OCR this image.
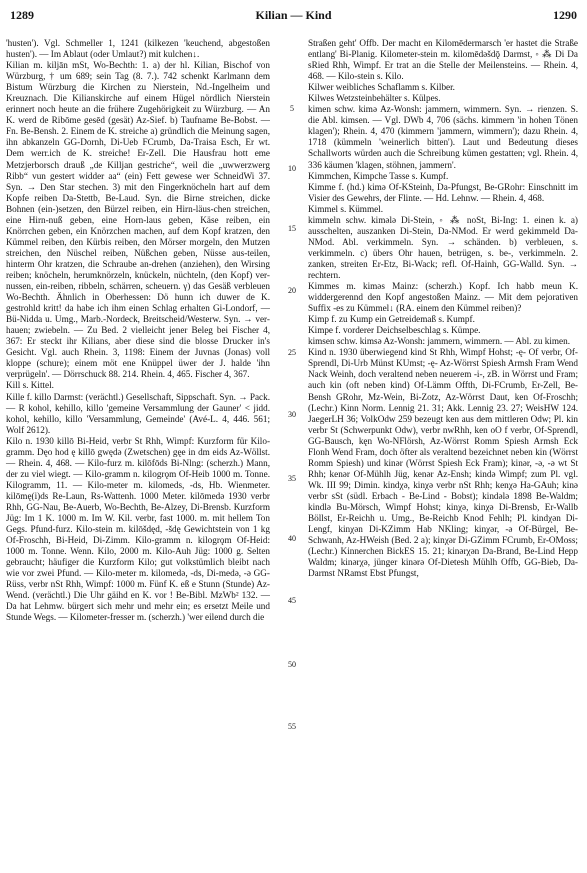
1289	Kilian — Kind	1290

'husten'). Vgl. Schmeller 1, 1241 (kilkezen 'keuchend, abgestoßen husten'). — Im Ablaut (oder Umlaut?) mit kulchen↓.

Kilian m. kiljān mSt, Wo-Bechth: 1. a) der hl. Kilian, Bischof von Würzburg, † um 689; sein Tag (8. 7.). 742 schenkt Karlmann dem Bistum Würzburg die Kirchen zu Nierstein, Nd.-Ingelheim und Kreuznach. Die Kilianskirche auf einem Hügel nördlich Nierstein erinnert noch heute an die frühere Zugehörigkeit zu Würzburg. — An K. werd de Ribōme gesēd (gesät) Az-Sief. b) Taufname Be-Bobst. — Fn. Be-Bensh. 2. Einem de K. streiche a) gründlich die Meinung sagen, ihn abkanzeln GG-Dornh, Di-Ueb FCrumb, Da-Traisa Esch, Er wt. Dem werr.ich de K. streiche! Er-Zell. Die Hausfrau hott eme Metzjerborsch drauß „de Killjan gestriche“, weil die „uwwerzwerg Ribb“ vun gestert widder aa“ (ein) Fett gewese wer SchneidWi 37. Syn. → Den Star stechen. 3) mit den Fingerknöcheln hart auf dem Kopfe reiben Da-Stettb, Be-Laud. Syn. die Birne streichen, dicke Bohnen (ein-)setzen, den Bürzel reiben, ein Hirn-läus-chen streichen, eine Hirn-nuß geben, eine Horn-laus geben, Käse reiben, ein Knörrchen geben, ein Knörzchen machen, auf dem Kopf kratzen, den Kümmel reiben, den Kürbis reiben, den Mörser morgeln, den Mutzen streichen, den Nüschel reiben, Nüßchen geben, Nüsse aus-teilen, hinterm Ohr kratzen, die Schraube an-drehen (anziehen), den Wirsing reiben; knöcheln, herumknörzeln, knückeln, nüchteln, (den Kopf) ver-nussen, ein-reiben, ribbeln, schärren, scheuern. γ) das Gesäß verbleuen Wo-Bechth. Ähnlich in Oberhessen: Dö hunn ich duwer de K. gestrohld kritt! da habe ich ihm einen Schlag erhalten Gi-Londorf, — Bü-Nidda u. Umg., Marb.-Nordeck, Breitscheid/Westerw. Syn. → ver-hauen; zwiebeln. — Zu Bed. 2 vielleicht jener Beleg bei Fischer 4, 367: Er steckt ihr Kilians, aber diese sind die blosse Drucker in's Gesicht. Vgl. auch Rhein. 3, 1198: Einem der Juvnas (Jonas) voll kloppe (schure); einem möt ene Knüppel üwer der J. halde 'ihn verprügeln'. — Dörrschuck 88. 214. Rhein. 4, 465. Fischer 4, 367.

Kill s. Kittel.

Kille f. killo Darmst: (verächtl.) Gesellschaft, Sippschaft. Syn. → Pack. — R kohol, kehillo, killo 'gemeine Versammlung der Gauner' < jidd. kohol, kehillo, killo 'Versammlung, Gemeinde' (Avé-L. 4, 446. 561; Wolf 2612).

Kilo n. 1930 killō Bi-Heid, verbr St Rhh, Wimpf: Kurzform für Kilo-gramm. Dęo hod ę killō gwędǝ (Zwetschen) gęe in dm eids Az-Wöllst. — Rhein. 4, 468. — Kilo-furz m. kilōfōds Bi-Nlng: (scherzh.) Mann, der zu viel wiegt. — Kilo-gramm n. kilogrǫm Of-Heib 1000 m. Tonne. Kilogramm, 11. — Kilo-meter m. kilomeds, -ds, Hb. Wienmeter. kilōmę(i)ds Re-Laun, Rs-Wattenh. 1000 Meter. kilōmedǝ 1930 verbr Rhh, GG-Nau, Be-Auerb, Wo-Bechth, Be-Alzey, Di-Brensb. Kurzform Jüg: Im 1 K. 1000 m. Im W. Kil. verbr, fast 1000. m. mit hellem Ton Gegs. Pfund-furz. Kilo-stein m. kilōšdęd, -šdę Gewichtstein von 1 kg Of-Froschh, Bi-Heid, Di-Zimm. Kilo-gramm n. kilogrǫm Of-Heid: 1000 m. Tonne. Wenn. Kilo, 2000 m. Kilo-Auh Jüg: 1000 g. Selten gebraucht; häufiger die Kurzform Kilo; gut volkstümlich bleibt nach wie vor zwei Pfund. — Kilo-meter m. kilomedǝ, -ds, Di-medǝ, -ǝ GG-Rüss, verbr nSt Rhh, Wimpf: 1000 m. Fünf K. eß e Stunn (Stunde) Az-Wend. (verächtl.) Die Uhr gäihd en K. vor ! Be-Bibl. MzWb² 132. — Da hat Lehmw. bürgert sich mehr und mehr ein; es ersetzt Meile und Stunde Wegs. — Kilometer-fresser m. (scherzh.) 'wer eilend durch die

5
10
15
20
25
30
35
40
45
50
55

Straßen geht' Offb. Der macht en Kilomēdermarsch 'er hastet die Straße entlang' Bi-Planig. Kilometer-stein m. kilomēdǝšdǭ Darmst, ◦ ⁂ Di Da sRied Rhh, Wimpf. Er trat an die Stelle der Meilensteins. — Rhein. 4, 468. — Kilo-stein s. Kilo.

Kilwer weibliches Schaflamm s. Kilber.

Kilwes Wetzsteinbehälter s. Külpes.

kimen schw. kimǝ Az-Wonsh: jammern, wimmern. Syn. → rienzen. S. die Abl. kimsen. — Vgl. DWb 4, 706 (sächs. kimmern 'in hohen Tönen klagen'); Rhein. 4, 470 (kimmern 'jammern, wimmern'); dazu Rhein. 4, 1718 (kümmeln 'weinerlich bitten'). Laut und Bedeutung dieses Schallworts würden auch die Schreibung kümen gestatten; vgl. Rhein. 4, 336 käumen 'klagen, stöhnen, jammern'.

Kimmchen, Kimpche Tasse s. Kumpf.

Kimme f. (hd.) kimǝ Of-KSteinh, Da-Pfungst, Be-GRohr: Einschnitt im Visier des Gewehrs, der Flinte. — Hd. Lehnw. — Rhein. 4, 468.

Kimmel s. Kümmel.

kimmeln schw. kimǝlǝ Di-Stein, ◦ ⁂ noSt, Bi-Ing: 1. einen k. a) ausschelten, auszanken Di-Stein, Da-NMod. Er werd gekimmeld Da-NMod. Abl. verkimmeln. Syn. → schänden. b) verbleuen, s. verkimmeln. c) übers Ohr hauen, betrügen, s. be-, verkimmeln. 2. zanken, streiten Er-Etz, Bi-Wack; refl. Of-Hainh, GG-Walld. Syn. → rechtern.

Kimmes m. kimǝs Mainz: (scherzh.) Kopf. Ich habb meun K. widdergerennd den Kopf angestoßen Mainz. — Mit dem pejorativen Suffix -es zu Kümmel↓ (RA. einem den Kümmel reiben)?

Kimp f. zu Kump ein Getreidemaß s. Kumpf.

Kimpe f. vorderer Deichselbeschlag s. Kümpe.

kimsen schw. kimsǝ Az-Wonsh: jammern, wimmern. — Abl. zu kimen.

Kind n. 1930 überwiegend kind St Rhh, Wimpf Hohst; -ę- Of verbr, Of-Sprendl, Di-Urb Münst KUmst; -ę- Az-Wörrst Spiesh Armsh Fram Wend Nack Weinh, doch veraltend neben neuerem -i-, zB. in Wörrst und Fram; auch kin (oft neben kind) Of-Lämm Offth, Di-FCrumb, Er-Zell, Be-Bensh GRohr, Mz-Wein, Bi-Zotz, Az-Wörrst Daut, ken Of-Froschh; (Lechr.) Kinn Norm. Lennig 21. 31; Akk. Lennig 23. 27; WeisHW 124. JaegerLH 36; VolkOdw 259 bezeugt ken aus dem mittleren Odw; Pl. kin verbr St (Schwerpunkt Odw), verbr nwRhh, ken oO f verbr, Of-Sprendl, GG-Bausch, kęn Wo-NFlörsh, Az-Wörrst Romm Spiesh Armsh Eck Flonh Wend Fram, doch öfter als veraltend bezeichnet neben kin (Wörrst Romm Spiesh) und kinǝr (Wörrst Spiesh Eck Fram); kinǝr, -ǝ, -ǝ wt St Rhh; kenǝr Of-Mühlh Jüg, kenǝr Az-Ensh; kindǝ Wimpf; zum Pl. vgl. Wk. III 99; Dimin. kindχǝ, kinχǝ verbr nSt Rhh; kenχǝ Ha-GAuh; kinǝ verbr sSt (südl. Erbach - Be-Lind - Bobst); kindǝlǝ 1898 Be-Waldm; kindlǝ Bu-Mörsch, Wimpf Hohst; kinχǝ, kinχǝ Di-Brensb, Er-Wallb Böllst, Er-Reichh u. Umg., Be-Reichb Knod Fehlh; Pl. kindχǝn Di-Lengf, kinχǝn Di-KZimm Hab NKling; kinχǝr, -ǝ Of-Bürgel, Be-Schwanh, Az-HWeish (Bed. 2 a); kinχǝr Di-GZimm FCrumb, Er-OMoss; (Lechr.) Kinnerchen BickES 15. 21; kinǝrχǝn Da-Brand, Be-Lind Hepp Waldm; kinǝrχǝ, jünger kinǝrǝ Of-Dietesh Mühlh Offb, GG-Bieb, Da-Darmst NRamst Ebst Pfungst,
